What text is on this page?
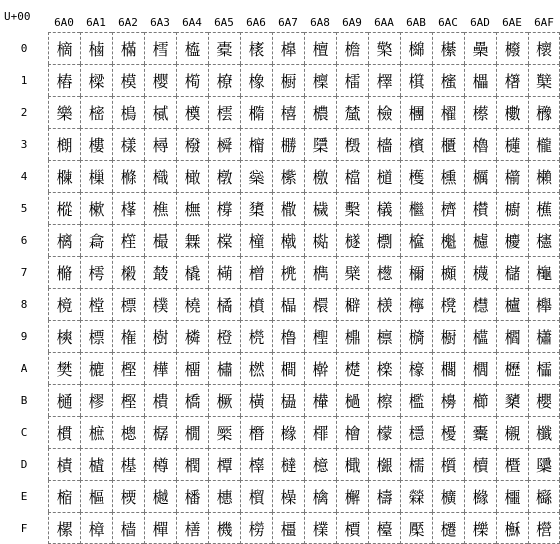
U+00	6A0	6A1	6A2	6A3	6A4	6A5	6A6	6A7	6A8	6A9	6AA	6AB	6AC	6AD	6AE	6AF
0	樀 樐 樠 樰 橀 橐 橠 橰 檀 檐 檠 檰 櫀 櫐 櫠 櫰
1	樁 樑 模 樱 橁 橑 橡 橱 檁 檑 檡 檱 櫁 櫑 櫡 櫱
2	樂 樒 樢 樲 橂 橒 橢 橲 檂 檒 檢 檲 櫂 櫒 櫢 櫲
3	樃 樓 樣 樳 橃 橓 橣 橳 檃 檓 檣 檳 櫃 櫓 櫣 櫳
4	樄 樔 樤 樴 橄 橔 橤 橴 檄 檔 檤 檴 櫄 櫔 櫤 櫴
5	樅 樕 樥 樵 橅 橕 橥 橵 檅 檕 檥 檵 櫅 櫕 櫥 櫵
6	樆 樖 樦 樶 橆 橖 橦 橶 檆 檖 檦 檶 櫆 櫖 櫦 櫶
7	樇 樗 樧 樷 橇 橗 橧 橷 檇 檗 檧 檷 櫇 櫗 櫧 櫷
8	樈 樘 標 樸 橈 橘 橨 橸 檈 檘 檨 檸 櫈 櫘 櫨 櫸
9	樉 標 権 樹 橉 橙 橩 橹 檉 檙 檩 檹 櫉 櫙 櫩 櫹
A	樊 樚 樫 樺 橊 橚 橪 橺 檊 檚 檪 檺 櫊 櫚 櫪 櫺
B	樋 樛 樫 樻 橋 橛 橫 橻 檋 檛 檫 檻 櫋 櫛 櫫 櫻
C	樌 樜 樬 樼 橌 橜 橬 橼 檌 檜 檬 檼 櫌 櫜 櫬 櫼
D	樍 樝 樭 樽 橍 橝 橭 橽 檍 檝 檭 檽 櫍 櫝 櫭 櫽
E	樎 樞 樮 樾 橎 橞 橮 橾 檎 檞 檮 檾 櫎 櫞 櫮 櫾
F	樏 樟 樯 樿 橏 機 橯 橿 檏 檟 檯 檿 櫏 櫟 櫯 櫿
